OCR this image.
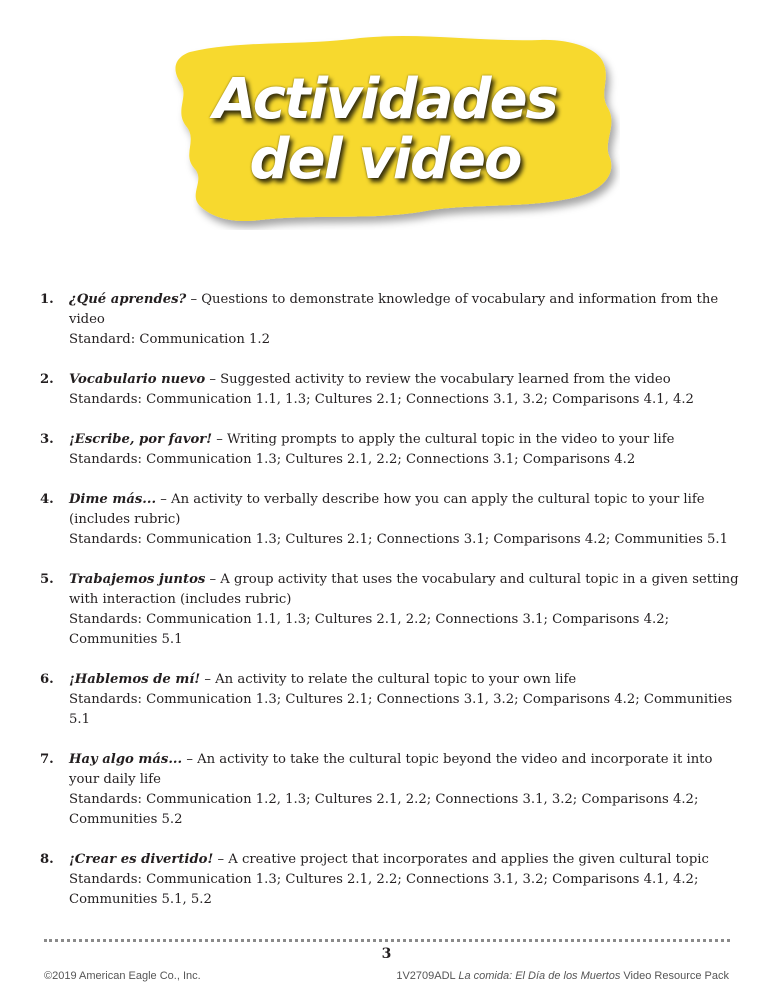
Actividades
del video
1. ¿Qué aprendes? – Questions to demonstrate knowledge of vocabulary and information from the video
Standard: Communication 1.2
2. Vocabulario nuevo – Suggested activity to review the vocabulary learned from the video
Standards: Communication 1.1, 1.3; Cultures 2.1; Connections 3.1, 3.2; Comparisons 4.1, 4.2
3. ¡Escribe, por favor! – Writing prompts to apply the cultural topic in the video to your life
Standards: Communication 1.3; Cultures 2.1, 2.2; Connections 3.1; Comparisons 4.2
4. Dime más... – An activity to verbally describe how you can apply the cultural topic to your life (includes rubric)
Standards: Communication 1.3; Cultures 2.1; Connections 3.1; Comparisons 4.2; Communities 5.1
5. Trabajemos juntos – A group activity that uses the vocabulary and cultural topic in a given setting with interaction (includes rubric)
Standards: Communication 1.1, 1.3; Cultures 2.1, 2.2; Connections 3.1; Comparisons 4.2; Communities 5.1
6. ¡Hablemos de mí! – An activity to relate the cultural topic to your own life
Standards: Communication 1.3; Cultures 2.1; Connections 3.1, 3.2; Comparisons 4.2; Communities 5.1
7. Hay algo más... – An activity to take the cultural topic beyond the video and incorporate it into your daily life
Standards: Communication 1.2, 1.3; Cultures 2.1, 2.2; Connections 3.1, 3.2; Comparisons 4.2;
Communities 5.2
8. ¡Crear es divertido! – A creative project that incorporates and applies the given cultural topic
Standards: Communication 1.3; Cultures 2.1, 2.2; Connections 3.1, 3.2; Comparisons 4.1, 4.2;
Communities 5.1, 5.2
3
©2019 American Eagle Co., Inc.	1V2709ADL La comida: El Día de los Muertos Video Resource Pack
